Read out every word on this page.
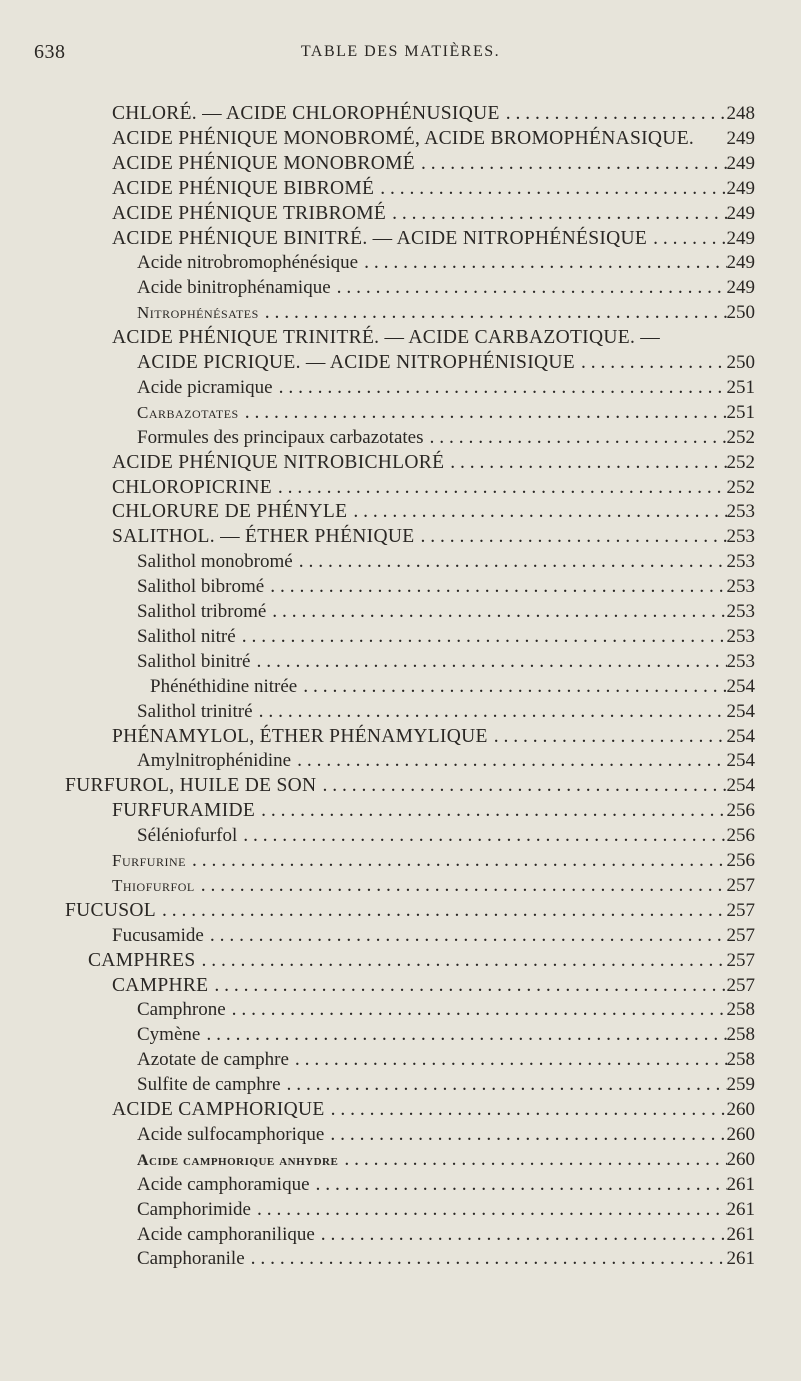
638	TABLE DES MATIÈRES.
CHLORÉ. — ACIDE CHLOROPHÉNUSIQUE . . .	248
ACIDE PHÉNIQUE MONOBROMÉ, ACIDE BROMOPHÉNASIQUE. 249
ACIDE PHÉNIQUE MONOBROMÉ . . .	249
ACIDE PHÉNIQUE BIBROMÉ . . .	249
ACIDE PHÉNIQUE TRIBROMÉ . . .	249
ACIDE PHÉNIQUE BINITRÉ. — ACIDE NITROPHÉNÉSIQUE . . .	249
Acide nitrobromophénésique . . .	249
Acide binitrophénamique . . .	249
Nitrophénésates . . .	250
ACIDE PHÉNIQUE TRINITRÉ. — ACIDE CARBAZOTIQUE. —
ACIDE PICRIQUE. — ACIDE NITROPHÉNISIQUE . . .	250
Acide picramique . . .	251
Carbazotates . . .	251
Formules des principaux carbazotates . . .	252
ACIDE PHÉNIQUE NITROBICHLORÉ . . .	252
CHLOROPICRINE . . .	252
CHLORURE DE PHÉNYLE . . .	253
SALITHOL. — ÉTHER PHÉNIQUE . . .	253
Salithol monobromé . . .	253
Salithol bibromé . . .	253
Salithol tribromé . . .	253
Salithol nitré . . .	253
Salithol binitré . . .	253
Phénéthidine nitrée . . .	254
Salithol trinitré . . .	254
PHÉNAMYLOL, ÉTHER PHÉNAMYLIQUE . . .	254
Amylnitrophénidine . . .	254
FURFUROL, HUILE DE SON . . .	254
FURFURAMIDE . . .	256
Séléniofurfol . . .	256
Furfurine . . .	256
Thiofurfol . . .	257
FUCUSOL . . .	257
Fucusamide . . .	257
CAMPHRES . . .	257
CAMPHRE . . .	257
Camphrone . . .	258
Cymène . . .	258
Azotate de camphre . . .	258
Sulfite de camphre . . .	259
ACIDE CAMPHORIQUE . . .	260
Acide sulfocamphorique . . .	260
Acide camphorique anhydre . . .	260
Acide camphoramique . . .	261
Camphorimide . . .	261
Acide camphoranilique . . .	261
Camphoranile . . .	261
